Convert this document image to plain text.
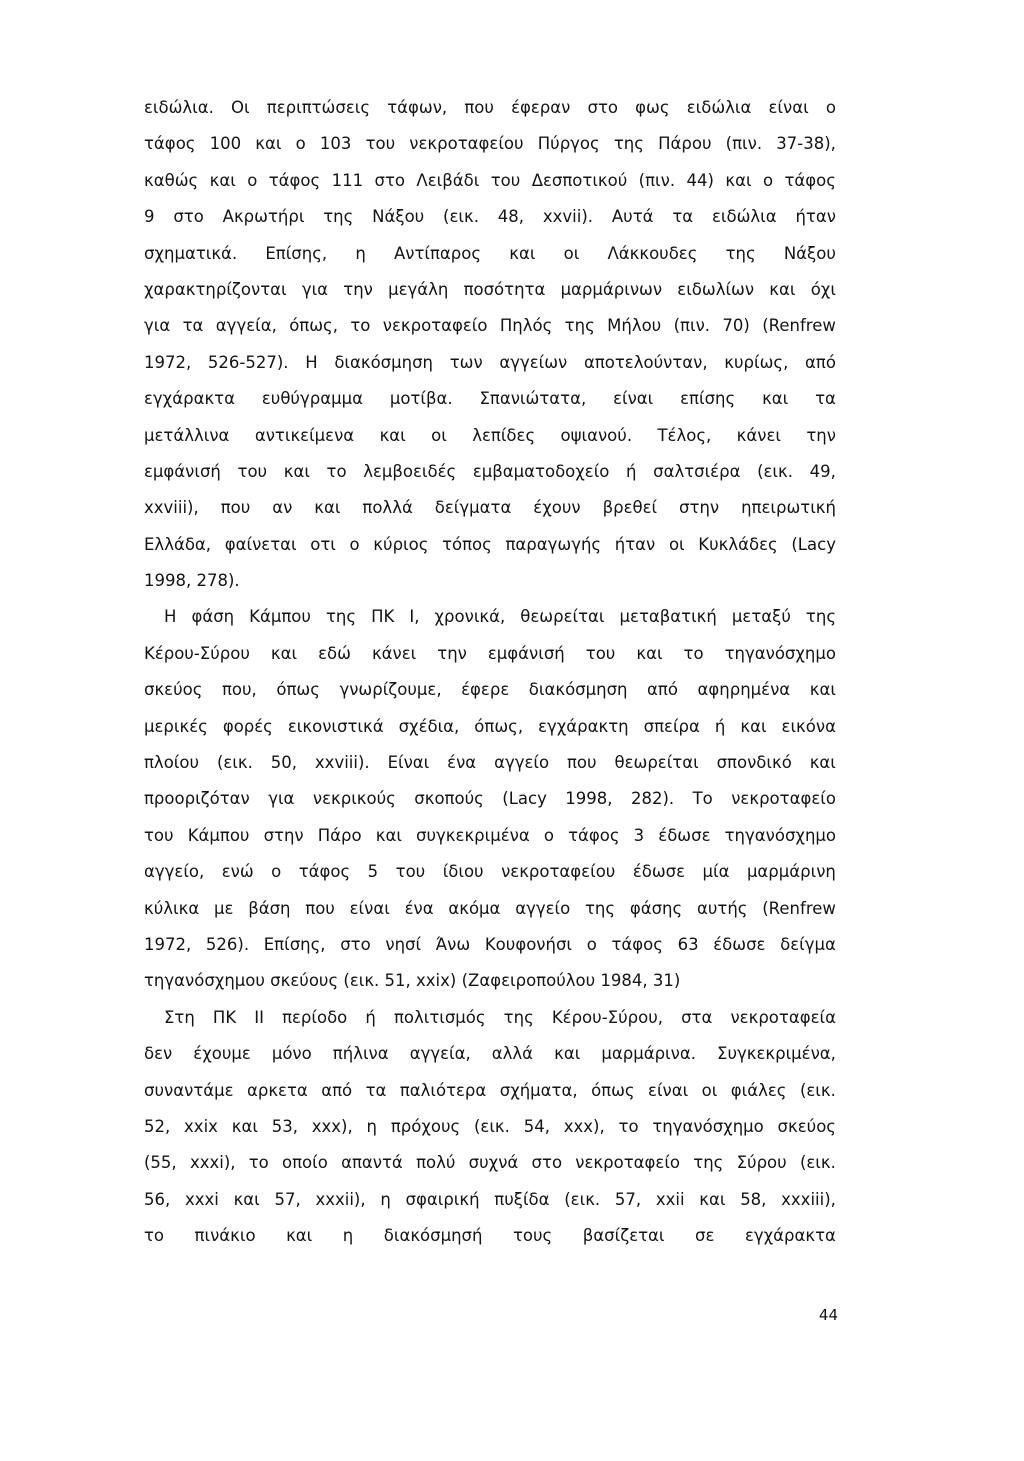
ειδώλια. Οι περιπτώσεις τάφων, που έφεραν στο φως ειδώλια είναι ο
τάφος 100 και ο 103 του νεκροταφείου Πύργος της Πάρου (πιν. 37-38),
καθώς και ο τάφος 111 στο Λειβάδι του Δεσποτικού (πιν. 44) και ο τάφος
9 στο Ακρωτήρι της Νάξου (εικ. 48, xxvii). Αυτά τα ειδώλια ήταν
σχηματικά. Επίσης, η Αντίπαρος και οι Λάκκουδες της Νάξου
χαρακτηρίζονται για την μεγάλη ποσότητα μαρμάρινων ειδωλίων και όχι
για τα αγγεία, όπως, το νεκροταφείο Πηλός της Μήλου (πιν. 70) (Renfrew
1972, 526-527). Η διακόσμηση των αγγείων αποτελούνταν, κυρίως, από
εγχάρακτα ευθύγραμμα μοτίβα. Σπανιώτατα, είναι επίσης και τα
μετάλλινα αντικείμενα και οι λεπίδες οψιανού. Τέλος, κάνει την
εμφάνισή του και το λεμβοειδές εμβαματοδοχείο ή σαλτσιέρα (εικ. 49,
xxviii), που αν και πολλά δείγματα έχουν βρεθεί στην ηπειρωτική
Ελλάδα, φαίνεται οτι ο κύριος τόπος παραγωγής ήταν οι Κυκλάδες (Lacy
1998, 278).
Η φάση Κάμπου της ΠΚ Ι, χρονικά, θεωρείται μεταβατική μεταξύ της
Κέρου-Σύρου και εδώ κάνει την εμφάνισή του και το τηγανόσχημο
σκεύος που, όπως γνωρίζουμε, έφερε διακόσμηση από αφηρημένα και
μερικές φορές εικονιστικά σχέδια, όπως, εγχάρακτη σπείρα ή και εικόνα
πλοίου (εικ. 50, xxviii). Είναι ένα αγγείο που θεωρείται σπονδικό και
προοριζόταν για νεκρικούς σκοπούς (Lacy 1998, 282). Το νεκροταφείο
του Κάμπου στην Πάρο και συγκεκριμένα ο τάφος 3 έδωσε τηγανόσχημο
αγγείο, ενώ ο τάφος 5 του ίδιου νεκροταφείου έδωσε μία μαρμάρινη
κύλικα με βάση που είναι ένα ακόμα αγγείο της φάσης αυτής (Renfrew
1972, 526). Επίσης, στο νησί Άνω Κουφονήσι ο τάφος 63 έδωσε δείγμα
τηγανόσχημου σκεύους (εικ. 51, xxix) (Ζαφειροπούλου 1984, 31)
Στη ΠΚ ΙΙ περίοδο ή πολιτισμός της Κέρου-Σύρου, στα νεκροταφεία
δεν έχουμε μόνο πήλινα αγγεία, αλλά και μαρμάρινα. Συγκεκριμένα,
συναντάμε αρκετα από τα παλιότερα σχήματα, όπως είναι οι φιάλες (εικ.
52, xxix και 53, xxx), η πρόχους (εικ. 54, xxx), το τηγανόσχημο σκεύος
(55, xxxi), το οποίο απαντά πολύ συχνά στο νεκροταφείο της Σύρου (εικ.
56, xxxi και 57, xxxii), η σφαιρική πυξίδα (εικ. 57, xxii και 58, xxxiii),
το πινάκιο και η διακόσμησή τους βασίζεται σε εγχάρακτα
44
